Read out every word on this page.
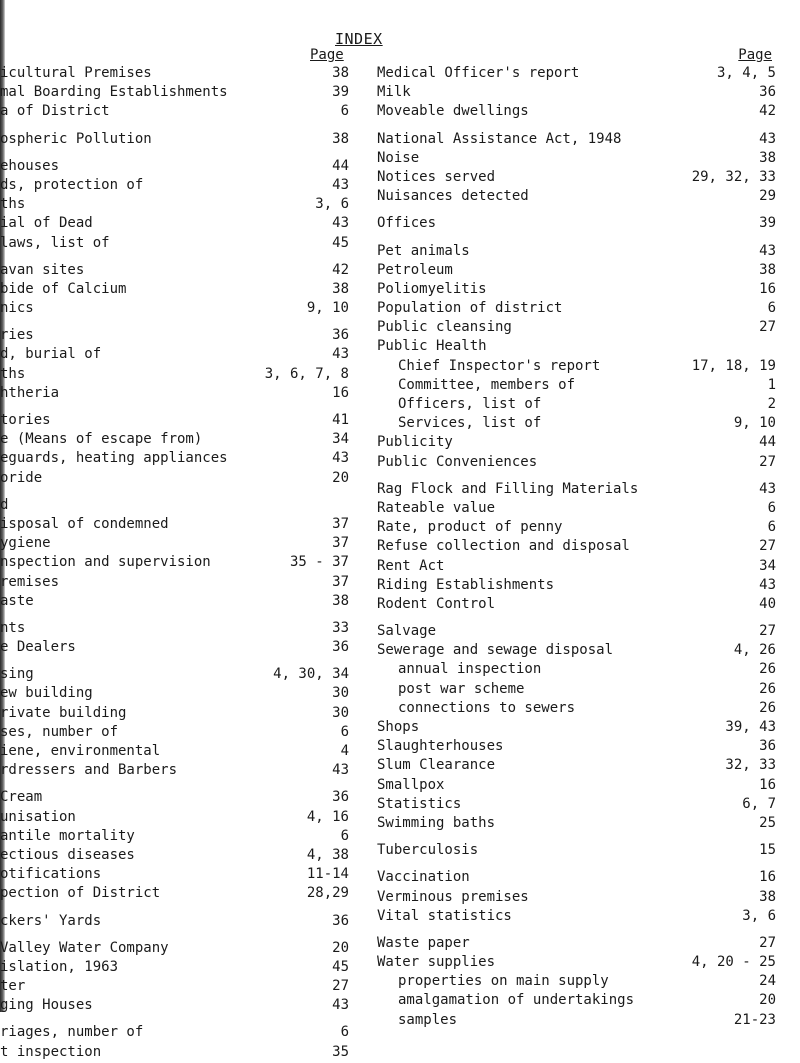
INDEX
Page	Page
icultural Premises	38
mal Boarding Establishments	39
a of District	6
ospheric Pollution	38
ehouses	44
ds, protection of	43
ths	3, 6
ial of Dead	43
laws, list of	45
avan sites	42
bide of Calcium	38
nics	9, 10
ries	36
d, burial of	43
ths	3, 6, 7, 8
htheria	16
tories	41
e (Means of escape from)	34
eguards, heating appliances	43
oride	20
d
isposal of condemned	37
ygiene	37
nspection and supervision	35 - 37
remises	37
aste	38
nts	33
e Dealers	36
sing	4, 30, 34
ew building	30
rivate building	30
ses, number of	6
iene, environmental	4
rdressers and Barbers	43
Cream	36
unisation	4, 16
antile mortality	6
ectious diseases	4, 38
otifications	11-14
pection of District	28,29
ckers' Yards	36
Valley Water Company	20
islation, 1963	45
ter	27
ging Houses	43
riages, number of	6
t inspection	35
Medical Officer's report	3, 4, 5
Milk	36
Moveable dwellings	42
National Assistance Act, 1948	43
Noise	38
Notices served	29, 32, 33
Nuisances detected	29
Offices	39
Pet animals	43
Petroleum	38
Poliomyelitis	16
Population of district	6
Public cleansing	27
Public Health
Chief Inspector's report	17, 18, 19
Committee, members of	1
Officers, list of	2
Services, list of	9, 10
Publicity	44
Public Conveniences	27
Rag Flock and Filling Materials	43
Rateable value	6
Rate, product of penny	6
Refuse collection and disposal	27
Rent Act	34
Riding Establishments	43
Rodent Control	40
Salvage	27
Sewerage and sewage disposal	4, 26
annual inspection	26
post war scheme	26
connections to sewers	26
Shops	39, 43
Slaughterhouses	36
Slum Clearance	32, 33
Smallpox	16
Statistics	6, 7
Swimming baths	25
Tuberculosis	15
Vaccination	16
Verminous premises	38
Vital statistics	3, 6
Waste paper	27
Water supplies	4, 20 - 25
properties on main supply	24
amalgamation of undertakings	20
samples	21-23
